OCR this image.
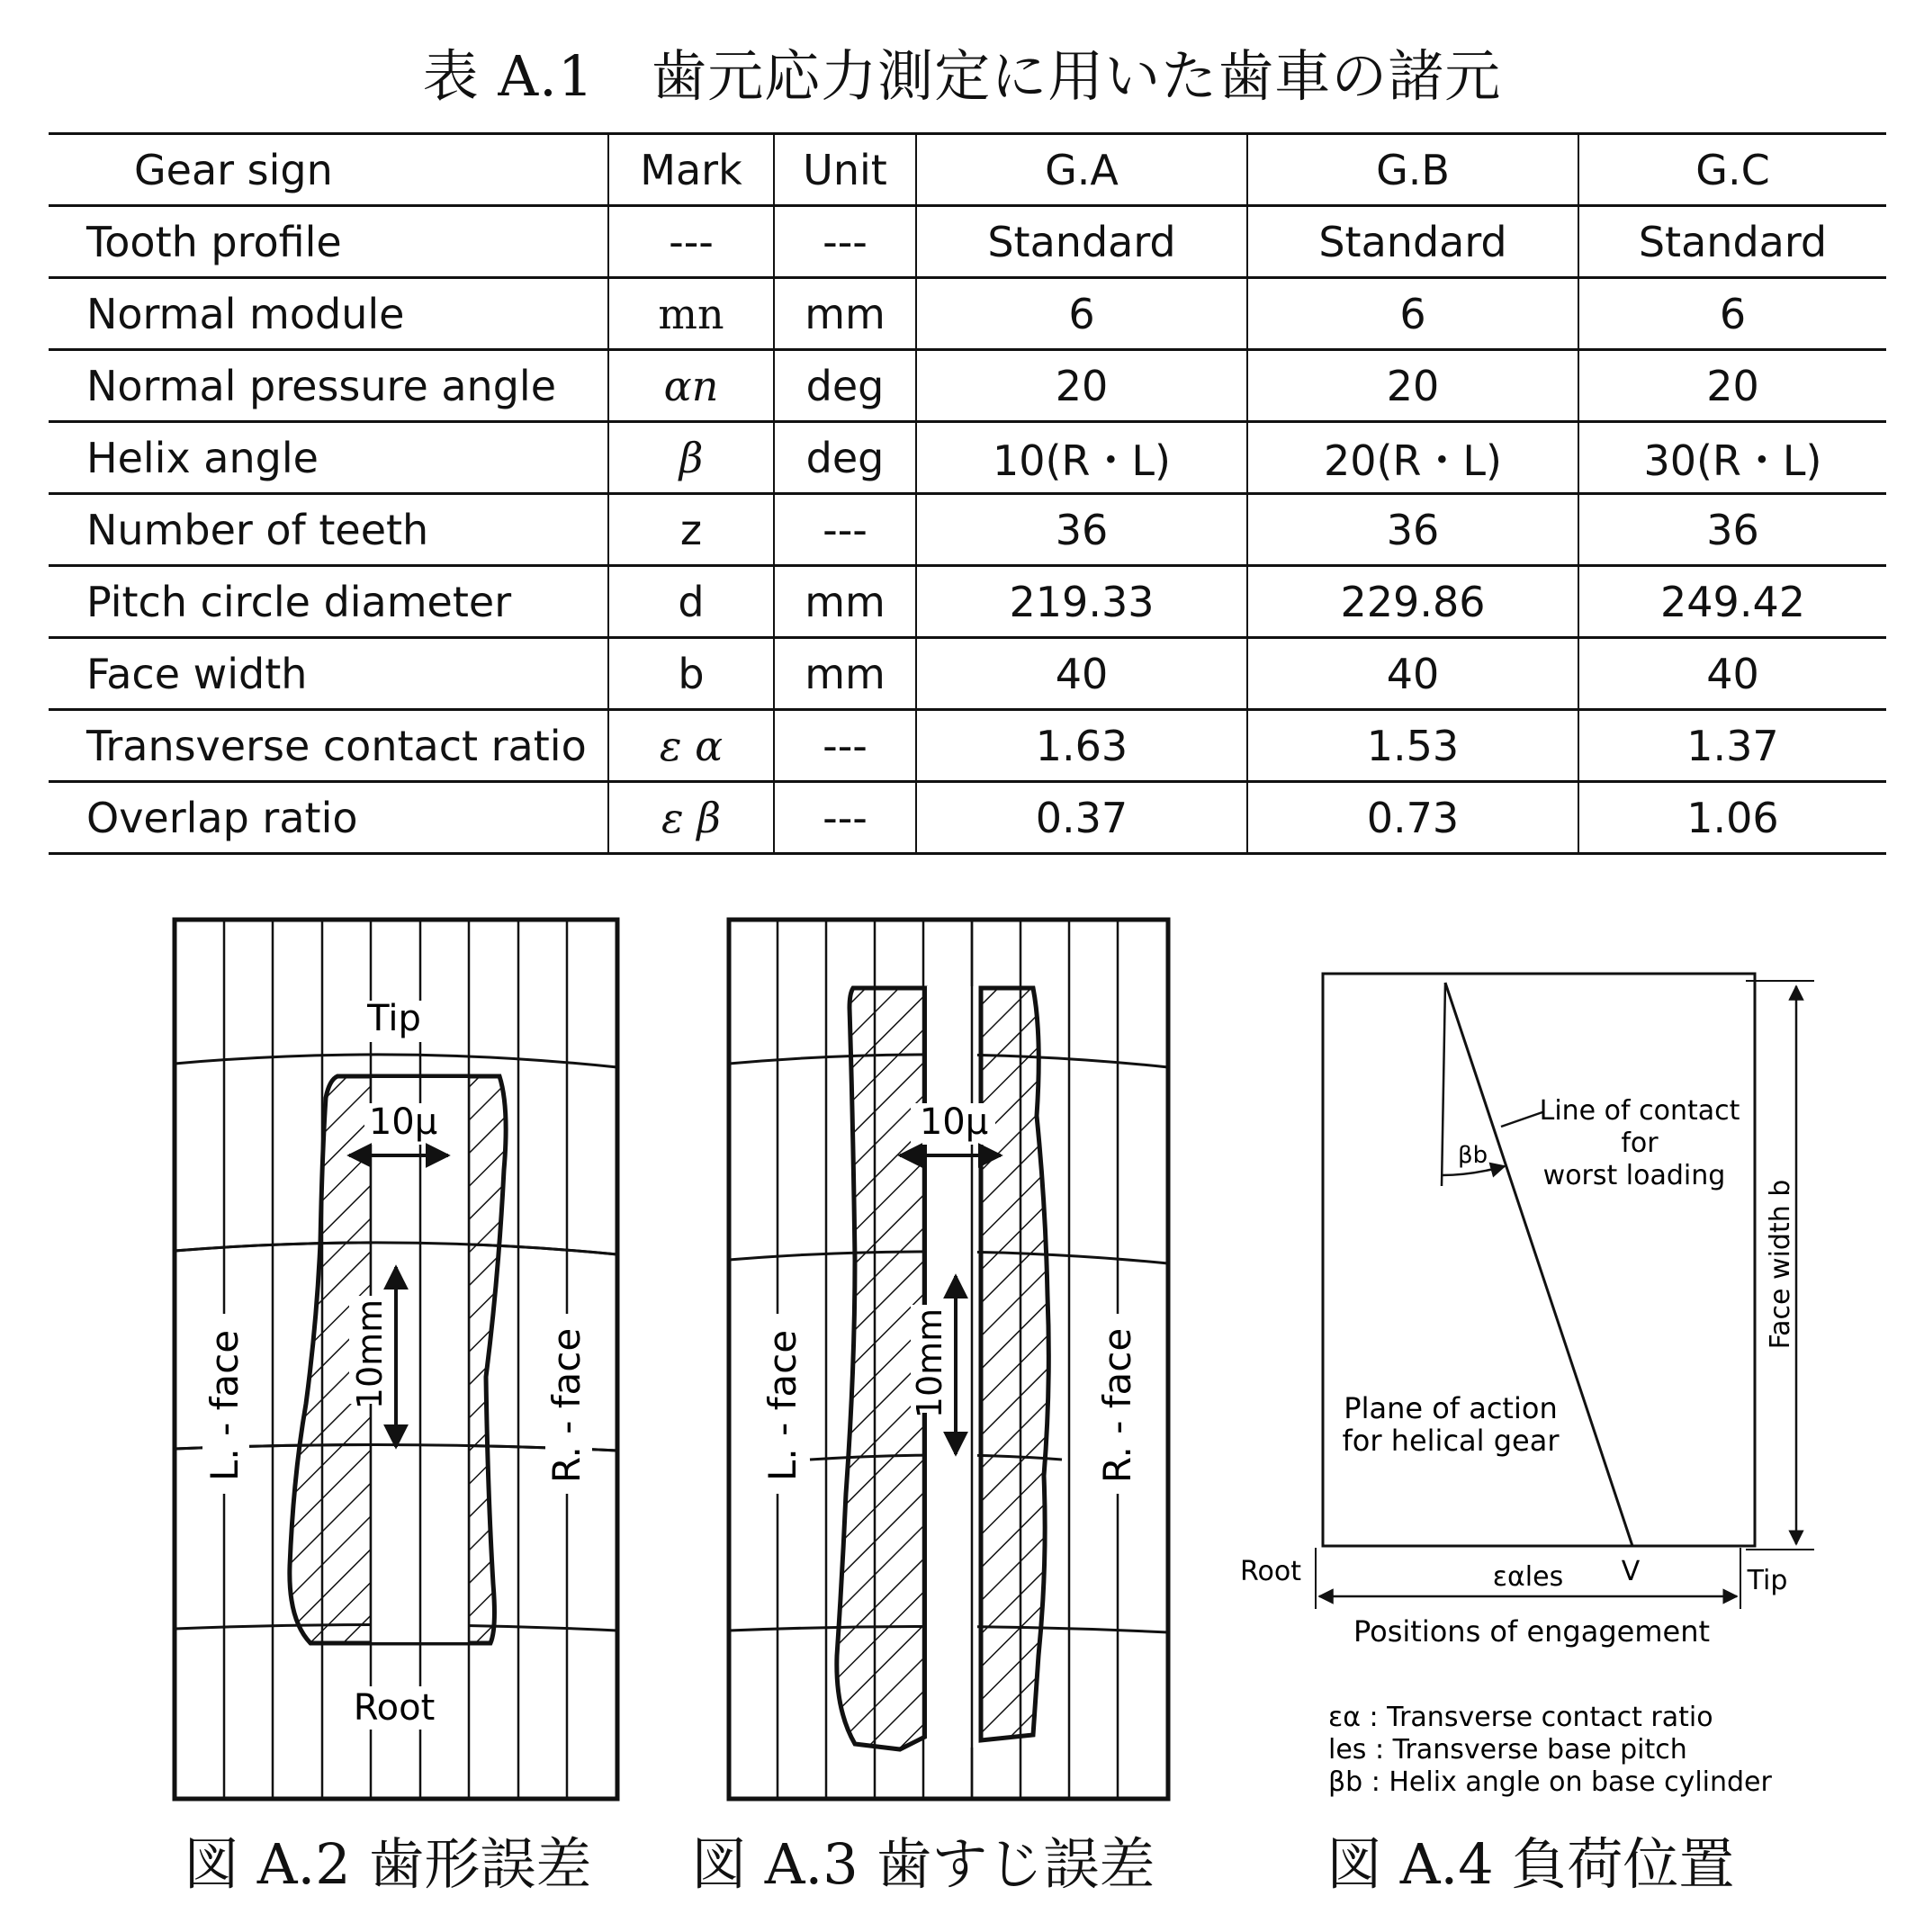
表 A.1　歯元応力測定に用いた歯車の諸元
Gear sign	Mark	Unit	G.A	G.B	G.C
Tooth profile	---	---	Standard	Standard	Standard
Normal module	mn	mm	6	6	6
Normal pressure angle	αn	deg	20	20	20
Helix angle	β	deg	10(R・L)	20(R・L)	30(R・L)
Number of teeth	z	---	36	36	36
Pitch circle diameter	d	mm	219.33	229.86	249.42
Face width	b	mm	40	40	40
Transverse contact ratio	ε α	---	1.63	1.53	1.37
Overlap ratio	ε β	---	0.37	0.73	1.06
Tip
10μ
10mm
L. - face	R. - face
Root
10μ
10mm
L. - face	R. - face
βb
Line of contact
for
worst loading
Face width b
Plane of action
for helical gear
Root	Tip
V
εαles
Positions of engagement
εα : Transverse contact ratio
les : Transverse base pitch
βb : Helix angle on base cylinder
図 A.2 歯形誤差 図 A.3 歯すじ誤差	図 A.4 負荷位置
